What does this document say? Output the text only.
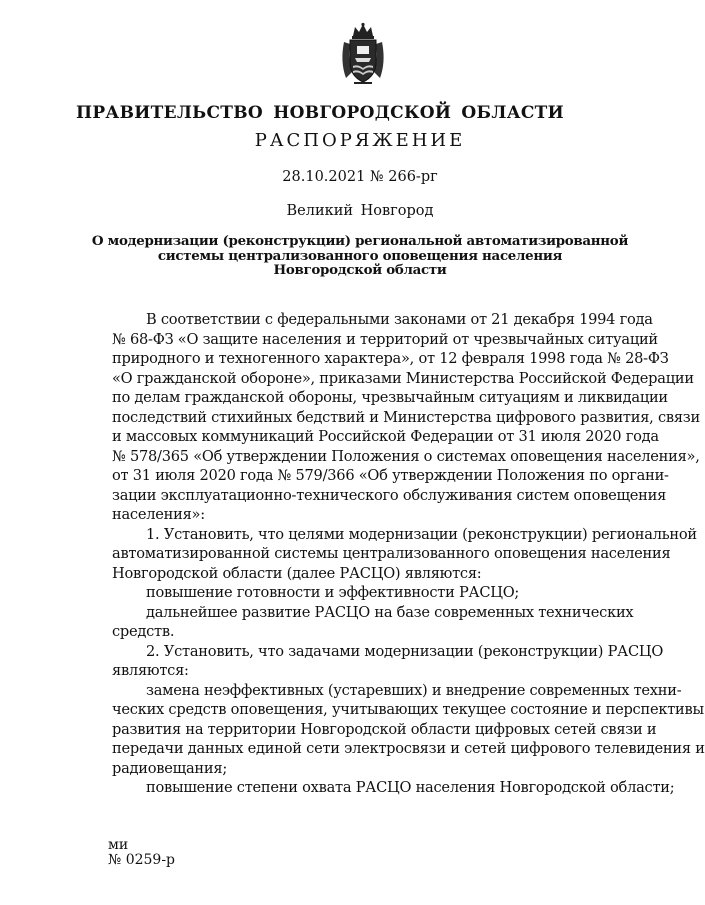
ПРАВИТЕЛЬСТВО НОВГОРОДСКОЙ ОБЛАСТИ
РАСПОРЯЖЕНИЕ
28.10.2021 № 266-рг
Великий Новгород
О модернизации (реконструкции) региональной автоматизированной
системы централизованного оповещения населения
Новгородской области
В соответствии с федеральными законами от 21 декабря 1994 года
№ 68-ФЗ «О защите населения и территорий от чрезвычайных ситуаций
природного и техногенного характера», от 12 февраля 1998 года № 28-ФЗ
«О гражданской обороне», приказами Министерства Российской Федерации
по делам гражданской обороны, чрезвычайным ситуациям и ликвидации
последствий стихийных бедствий и Министерства цифрового развития, связи
и массовых коммуникаций Российской Федерации от 31 июля 2020 года
№ 578/365 «Об утверждении Положения о системах оповещения населения»,
от 31 июля 2020 года № 579/366 «Об утверждении Положения по органи-
зации эксплуатационно-технического обслуживания систем оповещения
населения»:
1. Установить, что целями модернизации (реконструкции) региональной
автоматизированной системы централизованного оповещения населения
Новгородской области (далее РАСЦО) являются:
повышение готовности и эффективности РАСЦО;
дальнейшее развитие РАСЦО на базе современных технических
средств.
2. Установить, что задачами модернизации (реконструкции) РАСЦО
являются:
замена неэффективных (устаревших) и внедрение современных техни-
ческих средств оповещения, учитывающих текущее состояние и перспективы
развития на территории Новгородской области цифровых сетей связи и
передачи данных единой сети электросвязи и сетей цифрового телевидения и
радиовещания;
повышение степени охвата РАСЦО населения Новгородской области;
ми
№ 0259-р
